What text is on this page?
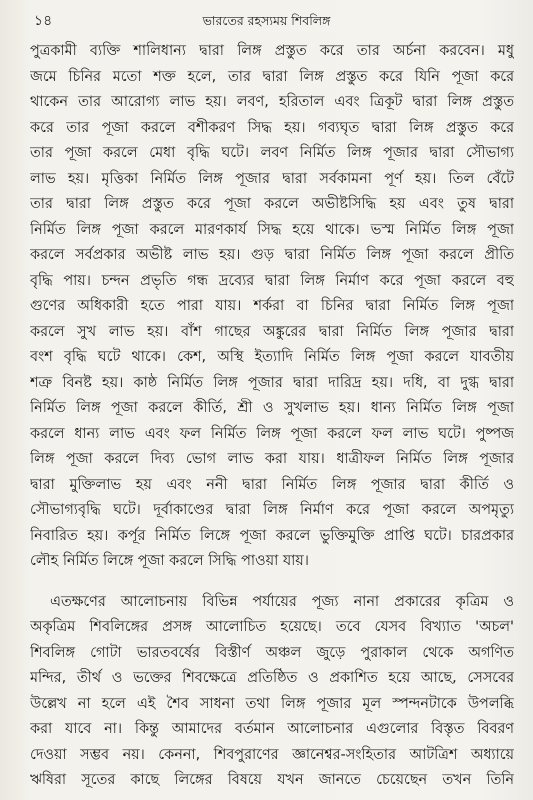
১৪	ভারতের রহস্যময় শিবলিঙ্গ
পুত্রকামী ব্যক্তি শালিধান্য দ্বারা লিঙ্গ প্রস্তুত করে তার অর্চনা করবেন। মধু
জমে চিনির মতো শক্ত হলে, তার দ্বারা লিঙ্গ প্রস্তুত করে যিনি পূজা করে
থাকেন তার আরোগ্য লাভ হয়। লবণ, হরিতাল এবং ত্রিকূট দ্বারা লিঙ্গ প্রস্তুত
করে তার পূজা করলে বশীকরণ সিদ্ধ হয়। গব্যঘৃত দ্বারা লিঙ্গ প্রস্তুত করে
তার পূজা করলে মেধা বৃদ্ধি ঘটে। লবণ নির্মিত লিঙ্গ পূজার দ্বারা সৌভাগ্য
লাভ হয়। মৃত্তিকা নির্মিত লিঙ্গ পূজার দ্বারা সর্বকামনা পূর্ণ হয়। তিল বেঁটে
তার দ্বারা লিঙ্গ প্রস্তুত করে পূজা করলে অভীষ্টসিদ্ধি হয় এবং তুষ দ্বারা
নির্মিত লিঙ্গ পূজা করলে মারণকার্য সিদ্ধ হয়ে থাকে। ভস্ম নির্মিত লিঙ্গ পূজা
করলে সর্বপ্রকার অভীষ্ট লাভ হয়। গুড় দ্বারা নির্মিত লিঙ্গ পূজা করলে প্রীতি
বৃদ্ধি পায়। চন্দন প্রভৃতি গন্ধ দ্রব্যের দ্বারা লিঙ্গ নির্মাণ করে পূজা করলে বহু
গুণের অধিকারী হতে পারা যায়। শর্করা বা চিনির দ্বারা নির্মিত লিঙ্গ পূজা
করলে সুখ লাভ হয়। বাঁশ গাছের অঙ্কুরের দ্বারা নির্মিত লিঙ্গ পূজার দ্বারা
বংশ বৃদ্ধি ঘটে থাকে। কেশ, অস্থি ইত্যাদি নির্মিত লিঙ্গ পূজা করলে যাবতীয়
শত্রু বিনষ্ট হয়। কাষ্ঠ নির্মিত লিঙ্গ পূজার দ্বারা দারিদ্র হয়। দধি, বা দুগ্ধ দ্বারা
নির্মিত লিঙ্গ পূজা করলে কীর্তি, শ্রী ও সুখলাভ হয়। ধান্য নির্মিত লিঙ্গ পূজা
করলে ধান্য লাভ এবং ফল নির্মিত লিঙ্গ পূজা করলে ফল লাভ ঘটে। পুষ্পজ
লিঙ্গ পূজা করলে দিব্য ভোগ লাভ করা যায়। ধাত্রীফল নির্মিত লিঙ্গ পূজার
দ্বারা মুক্তিলাভ হয় এবং ননী দ্বারা নির্মিত লিঙ্গ পূজার দ্বারা কীর্তি ও
সৌভাগ্যবৃদ্ধি ঘটে। দূর্বাকাণ্ডের দ্বারা লিঙ্গ নির্মাণ করে পূজা করলে অপমৃত্যু
নিবারিত হয়। কর্পূর নির্মিত লিঙ্গে পূজা করলে ভুক্তিমুক্তি প্রাপ্তি ঘটে। চারপ্রকার
লৌহ নির্মিত লিঙ্গে পূজা করলে সিদ্ধি পাওয়া যায়।
এতক্ষণের আলোচনায় বিভিন্ন পর্যায়ের পূজ্য নানা প্রকারের কৃত্রিম ও
অকৃত্রিম শিবলিঙ্গের প্রসঙ্গ আলোচিত হয়েছে। তবে যেসব বিখ্যাত 'অচল'
শিবলিঙ্গ গোটা ভারতবর্ষের বিস্তীর্ণ অঞ্চল জুড়ে পুরাকাল থেকে অগণিত
মন্দির, তীর্থ ও ভক্তের শিবক্ষেত্রে প্রতিষ্ঠিত ও প্রকাশিত হয়ে আছে, সেসবের
উল্লেখ না হলে এই শৈব সাধনা তথা লিঙ্গ পূজার মূল স্পন্দনটাকে উপলব্ধি
করা যাবে না। কিন্তু আমাদের বর্তমান আলোচনার এগুলোর বিস্তৃত বিবরণ
দেওয়া সম্ভব নয়। কেননা, শিবপুরাণের জ্ঞানেশ্বর-সংহিতার আটত্রিশ অধ্যায়ে
ঋষিরা সূতের কাছে লিঙ্গের বিষয়ে যখন জানতে চেয়েছেন তখন তিনি
